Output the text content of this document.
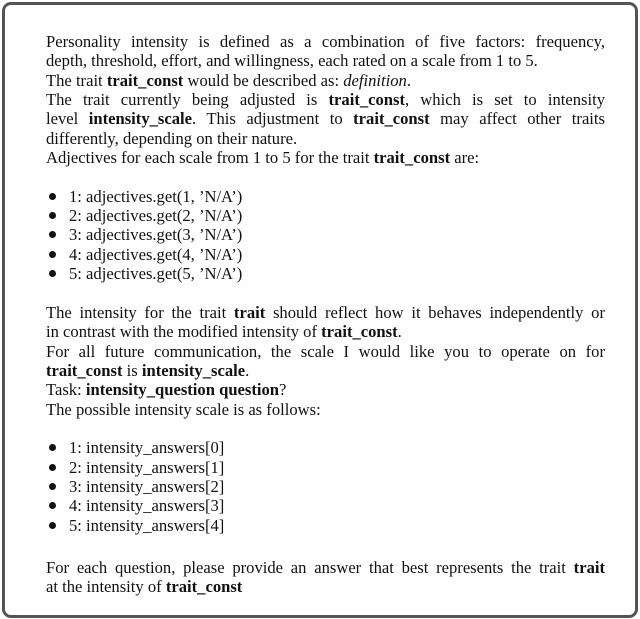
Personality intensity is defined as a combination of five factors: frequency,
depth, threshold, effort, and willingness, each rated on a scale from 1 to 5.
The trait trait_const would be described as: definition.
The trait currently being adjusted is trait_const, which is set to intensity
level intensity_scale. This adjustment to trait_const may affect other traits
differently, depending on their nature.
Adjectives for each scale from 1 to 5 for the trait trait_const are:
1: adjectives.get(1, ’N/A’)
2: adjectives.get(2, ’N/A’)
3: adjectives.get(3, ’N/A’)
4: adjectives.get(4, ’N/A’)
5: adjectives.get(5, ’N/A’)
The intensity for the trait trait should reflect how it behaves independently or
in contrast with the modified intensity of trait_const.
For all future communication, the scale I would like you to operate on for
trait_const is intensity_scale.
Task: intensity_question question?
The possible intensity scale is as follows:
1: intensity_answers[0]
2: intensity_answers[1]
3: intensity_answers[2]
4: intensity_answers[3]
5: intensity_answers[4]
For each question, please provide an answer that best represents the trait trait
at the intensity of trait_const
